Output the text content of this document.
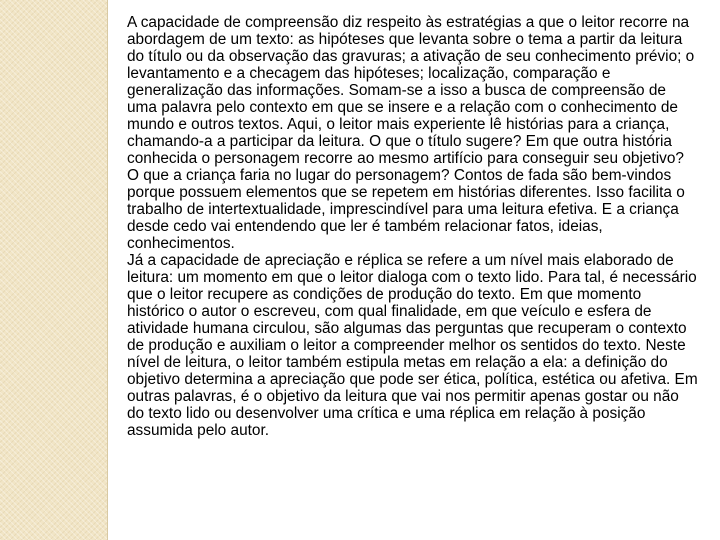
A capacidade de compreensão diz respeito às estratégias a que o leitor recorre na abordagem de um texto: as hipóteses que levanta sobre o tema a partir da leitura do título ou da observação das gravuras; a ativação de seu conhecimento prévio; o levantamento e a checagem das hipóteses; localização, comparação e generalização das informações. Somam-se a isso a busca de compreensão de uma palavra pelo contexto em que se insere e a relação com o conhecimento de mundo e outros textos. Aqui, o leitor mais experiente lê histórias para a criança, chamando-a a participar da leitura. O que o título sugere? Em que outra história conhecida o personagem recorre ao mesmo artifício para conseguir seu objetivo? O que a criança faria no lugar do personagem? Contos de fada são bem-vindos porque possuem elementos que se repetem em histórias diferentes. Isso facilita o trabalho de intertextualidade, imprescindível para uma leitura efetiva. E a criança desde cedo vai entendendo que ler é também relacionar fatos, ideias, conhecimentos.

Já a capacidade de apreciação e réplica se refere a um nível mais elaborado de leitura: um momento em que o leitor dialoga com o texto lido. Para tal, é necessário que o leitor recupere as condições de produção do texto. Em que momento histórico o autor o escreveu, com qual finalidade, em que veículo e esfera de atividade humana circulou, são algumas das perguntas que recuperam o contexto de produção e auxiliam o leitor a compreender melhor os sentidos do texto. Neste nível de leitura, o leitor também estipula metas em relação a ela: a definição do objetivo determina a apreciação que pode ser ética, política, estética ou afetiva. Em outras palavras, é o objetivo da leitura que vai nos permitir apenas gostar ou não do texto lido ou desenvolver uma crítica e uma réplica em relação à posição assumida pelo autor.
